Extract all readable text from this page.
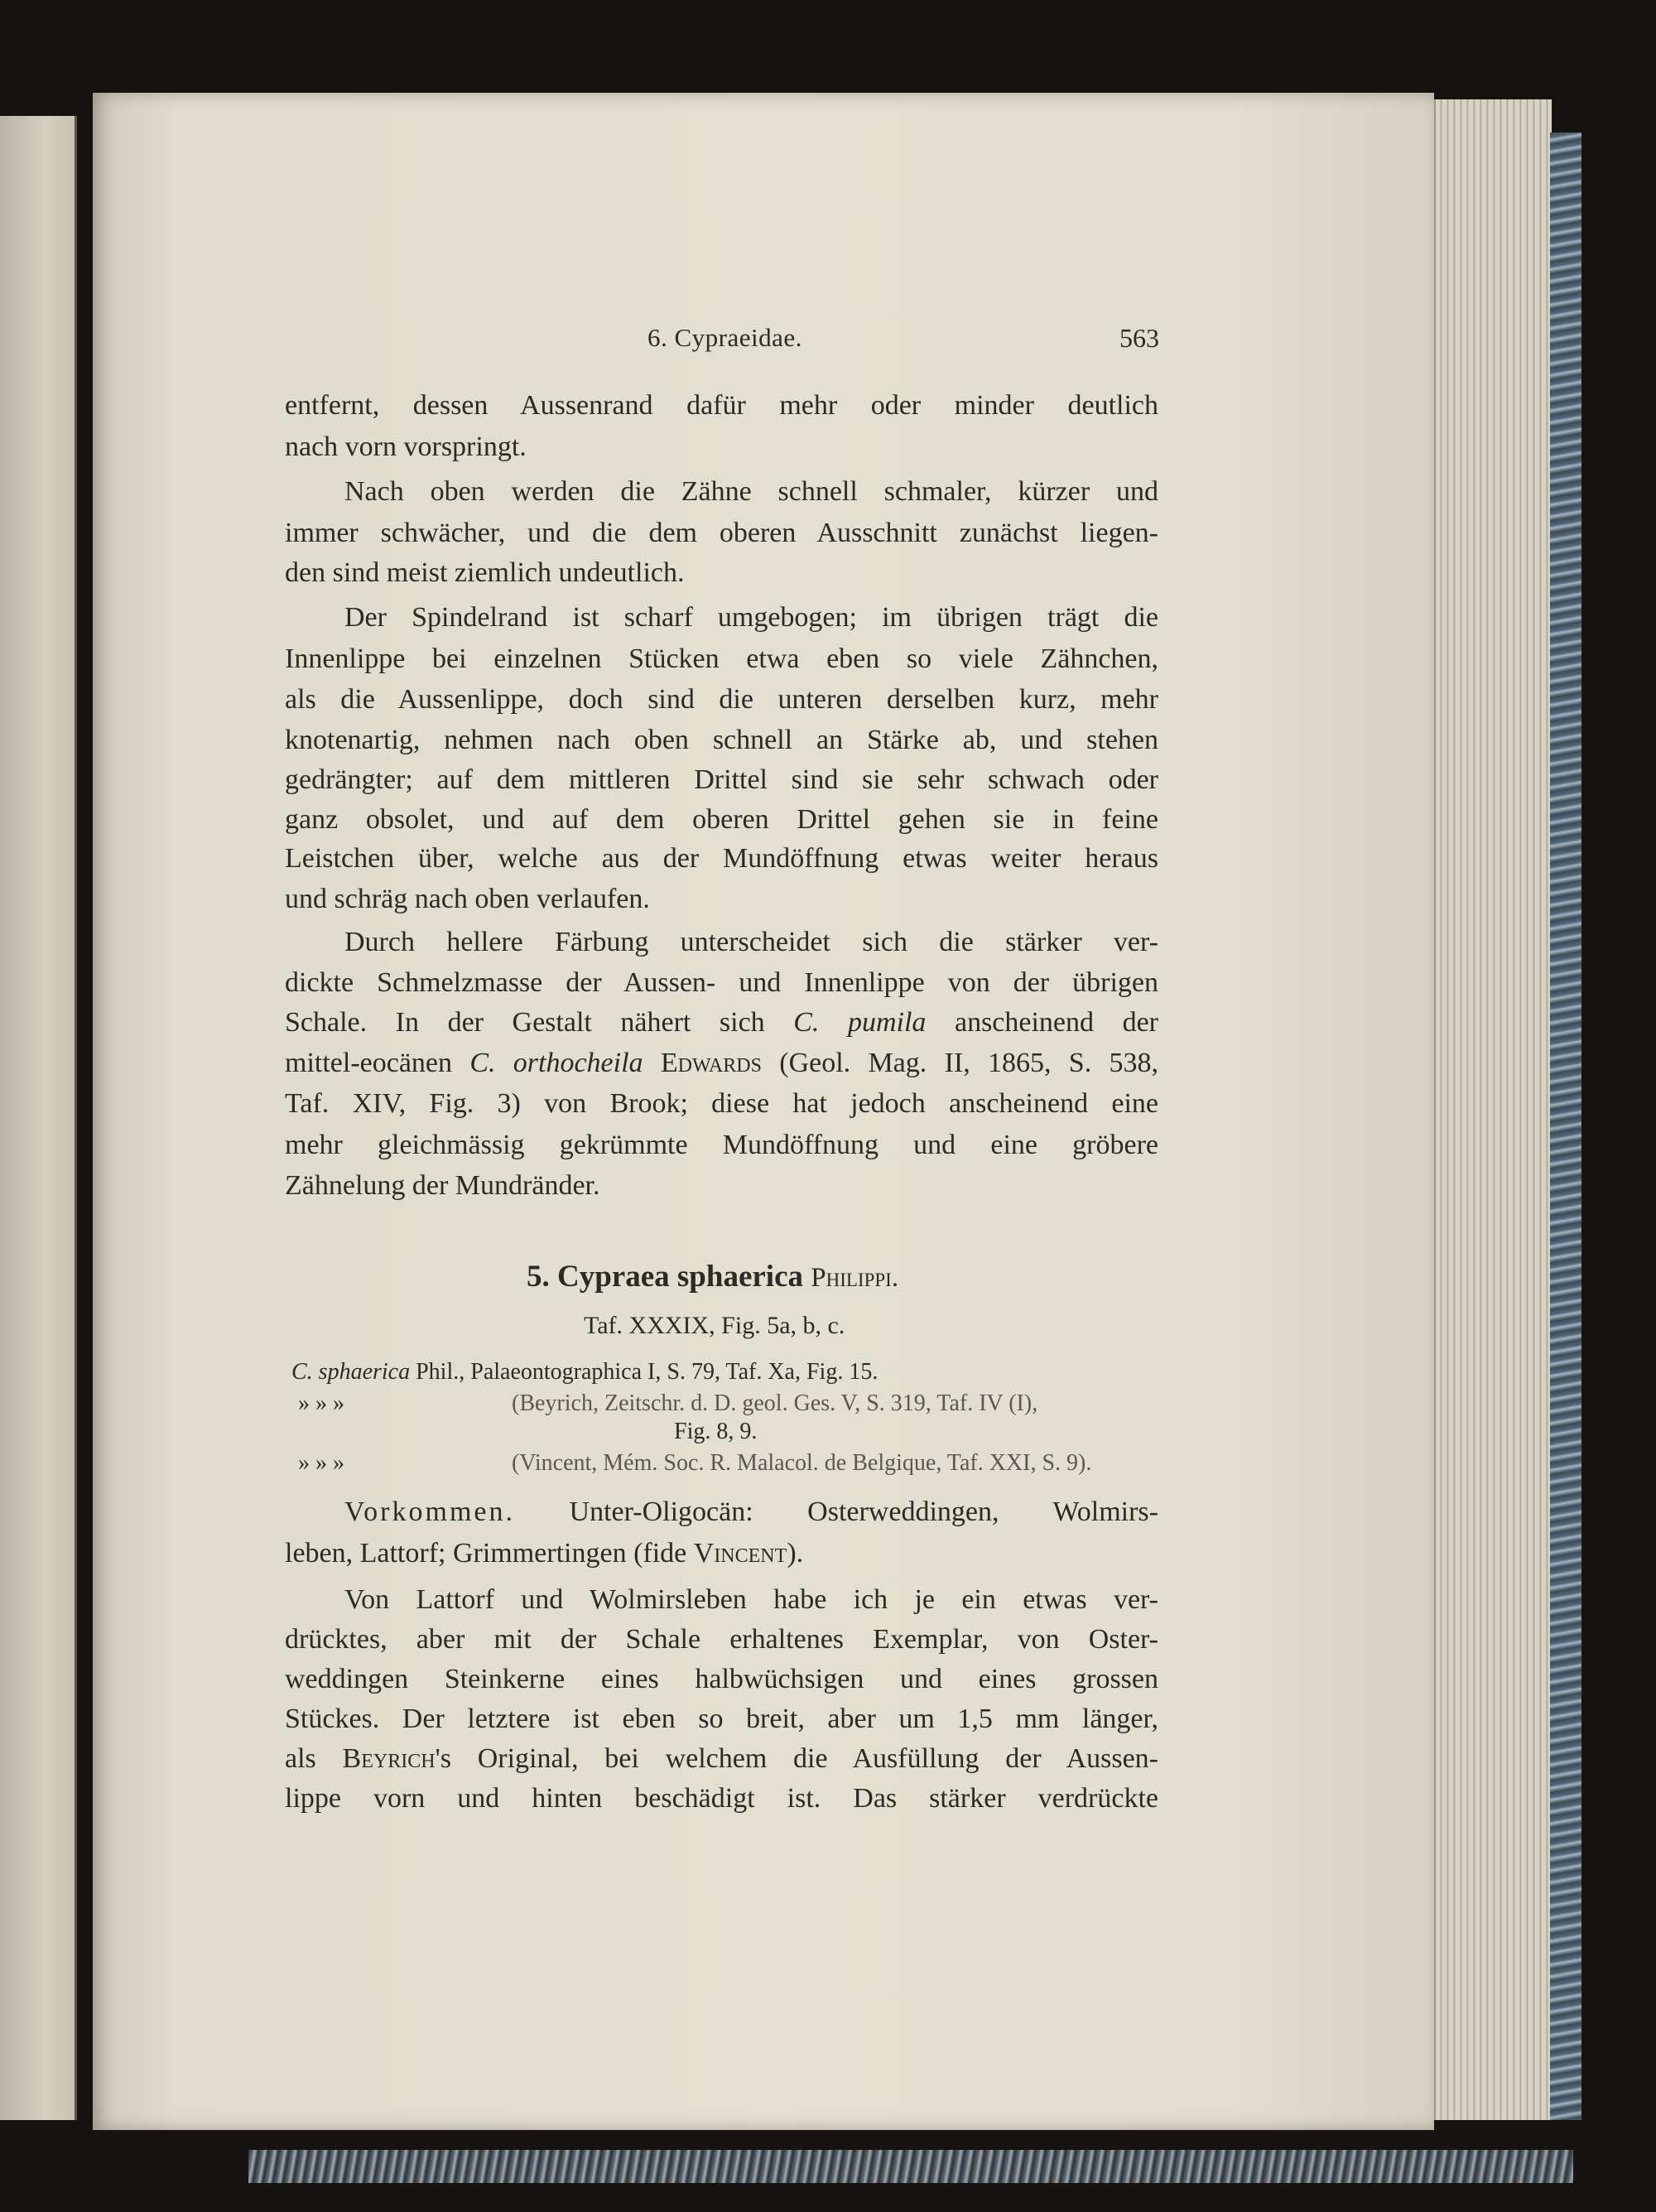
6. Cypraeidae.	563
entfernt, dessen Aussenrand dafür mehr oder minder deutlich
nach vorn vorspringt.
Nach oben werden die Zähne schnell schmaler, kürzer und
immer schwächer, und die dem oberen Ausschnitt zunächst liegen-
den sind meist ziemlich undeutlich.
Der Spindelrand ist scharf umgebogen; im übrigen trägt die
Innenlippe bei einzelnen Stücken etwa eben so viele Zähnchen,
als die Aussenlippe, doch sind die unteren derselben kurz, mehr
knotenartig, nehmen nach oben schnell an Stärke ab, und stehen
gedrängter; auf dem mittleren Drittel sind sie sehr schwach oder
ganz obsolet, und auf dem oberen Drittel gehen sie in feine
Leistchen über, welche aus der Mundöffnung etwas weiter heraus
und schräg nach oben verlaufen.
Durch hellere Färbung unterscheidet sich die stärker ver-
dickte Schmelzmasse der Aussen- und Innenlippe von der übrigen
Schale. In der Gestalt nähert sich C. pumila anscheinend der
mittel-eocänen C. orthocheila Edwards (Geol. Mag. II, 1865, S. 538,
Taf. XIV, Fig. 3) von Brook; diese hat jedoch anscheinend eine
mehr gleichmässig gekrümmte Mundöffnung und eine gröbere
Zähnelung der Mundränder.
5. Cypraea sphaerica Philippi.
Taf. XXXIX, Fig. 5a, b, c.
C. sphaerica Phil., Palaeontographica I, S. 79, Taf. Xa, Fig. 15.
» » »	(Beyrich, Zeitschr. d. D. geol. Ges. V, S. 319, Taf. IV (I),
Fig. 8, 9.
» » »	(Vincent, Mém. Soc. R. Malacol. de Belgique, Taf. XXI, S. 9).
Vorkommen. Unter-Oligocän: Osterweddingen, Wolmirs-
leben, Lattorf; Grimmertingen (fide Vincent).
Von Lattorf und Wolmirsleben habe ich je ein etwas ver-
drücktes, aber mit der Schale erhaltenes Exemplar, von Oster-
weddingen Steinkerne eines halbwüchsigen und eines grossen
Stückes. Der letztere ist eben so breit, aber um 1,5 mm länger,
als Beyrich's Original, bei welchem die Ausfüllung der Aussen-
lippe vorn und hinten beschädigt ist. Das stärker verdrückte
